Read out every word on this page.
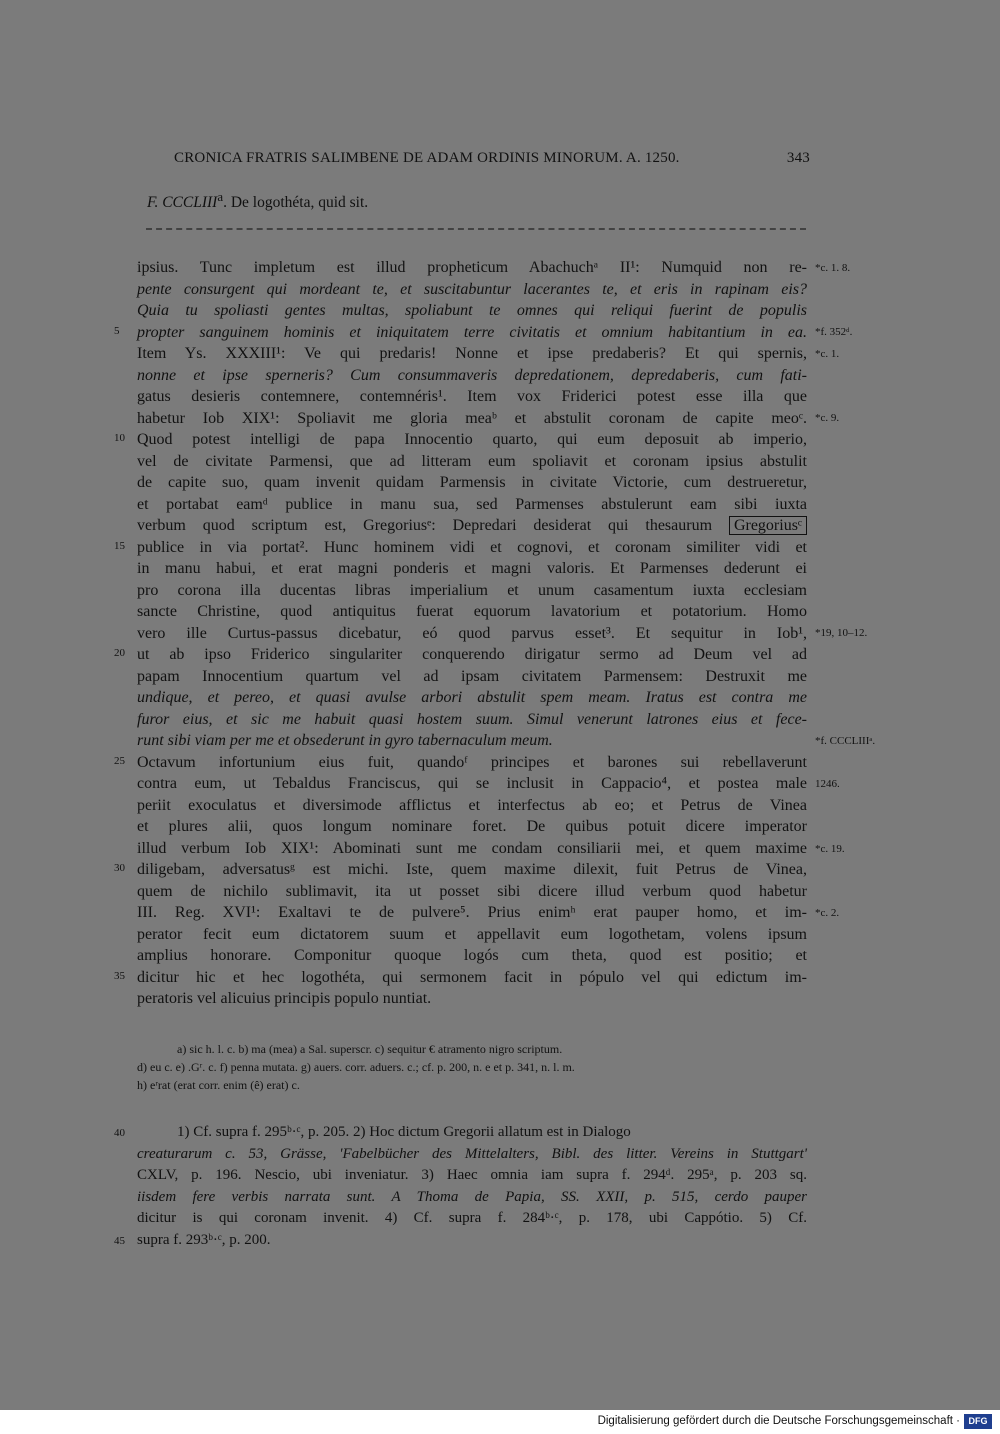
CRONICA FRATRIS SALIMBENE DE ADAM ORDINIS MINORUM. A. 1250.	343
F. CCCLIII$^a$. De logothéta, quid sit.
ipsius. Tunc impletum est illud propheticum Abachuchᵃ II¹: Numquid non re-
pente consurgent qui mordeant te, et suscitabuntur lacerantes te, et eris in rapinam eis?
Quia tu spoliasti gentes multas, spoliabunt te omnes qui reliqui fuerint de populis
propter sanguinem hominis et iniquitatem terre civitatis et omnium habitantium in ea.
Item Ys. XXXIII¹: Ve qui predaris! Nonne et ipse predaberis? Et qui spernis,
nonne et ipse sperneris? Cum consummaveris depredationem, depredaberis, cum fati-
gatus desieris contemnere, contemnéris¹. Item vox Friderici potest esse illa que
habetur Iob XIX¹: Spoliavit me gloria meaᵇ et abstulit coronam de capite meoᶜ.
Quod potest intelligi de papa Innocentio quarto, qui eum deposuit ab imperio,
vel de civitate Parmensi, que ad litteram eum spoliavit et coronam ipsius abstulit
de capite suo, quam invenit quidam Parmensis in civitate Victorie, cum destrueretur,
et portabat eamᵈ publice in manu sua, sed Parmenses abstulerunt eam sibi iuxta
verbum quod scriptum est, Gregoriusᵉ: Depredari desiderat qui thesaurum Gregoriusᶜ
publice in via portat². Hunc hominem vidi et cognovi, et coronam similiter vidi et
in manu habui, et erat magni ponderis et magni valoris. Et Parmenses dederunt ei
pro corona illa ducentas libras imperialium et unum casamentum iuxta ecclesiam
sancte Christine, quod antiquitus fuerat equorum lavatorium et potatorium. Homo
vero ille Curtus-passus dicebatur, eó quod parvus esset³. Et sequitur in Iob¹,
ut ab ipso Friderico singulariter conquerendo dirigatur sermo ad Deum vel ad
papam Innocentium quartum vel ad ipsam civitatem Parmensem: Destruxit me
undique, et pereo, et quasi avulse arbori abstulit spem meam. Iratus est contra me
furor eius, et sic me habuit quasi hostem suum. Simul venerunt latrones eius et fece-
runt sibi viam per me et obsederunt in gyro tabernaculum meum.
Octavum infortunium eius fuit, quandoᶠ principes et barones sui rebellaverunt
contra eum, ut Tebaldus Franciscus, qui se inclusit in Cappacio⁴, et postea male
periit exoculatus et diversimode afflictus et interfectus ab eo; et Petrus de Vinea
et plures alii, quos longum nominare foret. De quibus potuit dicere imperator
illud verbum Iob XIX¹: Abominati sunt me condam consiliarii mei, et quem maxime
diligebam, adversatusᵍ est michi. Iste, quem maxime dilexit, fuit Petrus de Vinea,
quem de nichilo sublimavit, ita ut posset sibi dicere illud verbum quod habetur
III. Reg. XVI¹: Exaltavi te de pulvere⁵. Prius enimʰ erat pauper homo, et im-
perator fecit eum dictatorem suum et appellavit eum logothetam, volens ipsum
amplius honorare. Componitur quoque logós cum theta, quod est positio; et
dicitur hic et hec logothéta, qui sermonem facit in pópulo vel qui edictum im-
peratoris vel alicuius principis populo nuntiat.
5
10
15
20
25
30
35
*c. 1. 8.
*f. 352ᵈ.
*c. 1.
*c. 9.
*19, 10–12.
*f. CCCLIIIᵃ.
1246.
*c. 19.
*c. 2.
a) sic h. l. c. b) ma (mea) a Sal. superscr. c) sequitur € atramento nigro scriptum.
d) eu c. e) .Gʳ. c. f) penna mutata. g) auers. corr. aduers. c.; cf. p. 200, n. e et p. 341, n. l. m.
h) eʳrat (erat corr. enim (ê) erat) c.
1) Cf. supra f. 295ᵇ·ᶜ, p. 205. 2) Hoc dictum Gregorii allatum est in Dialogo
creaturarum c. 53, Grässe, 'Fabelbücher des Mittelalters, Bibl. des litter. Vereins in Stuttgart'
CXLV, p. 196. Nescio, ubi inveniatur. 3) Haec omnia iam supra f. 294ᵈ. 295ᵃ, p. 203 sq.
iisdem fere verbis narrata sunt. A Thoma de Papia, SS. XXII, p. 515, cerdo pauper
dicitur is qui coronam invenit. 4) Cf. supra f. 284ᵇ·ᶜ, p. 178, ubi Cappótio. 5) Cf.
supra f. 293ᵇ·ᶜ, p. 200.
40
45
Digitalisierung gefördert durch die Deutsche Forschungsgemeinschaft · DFG
